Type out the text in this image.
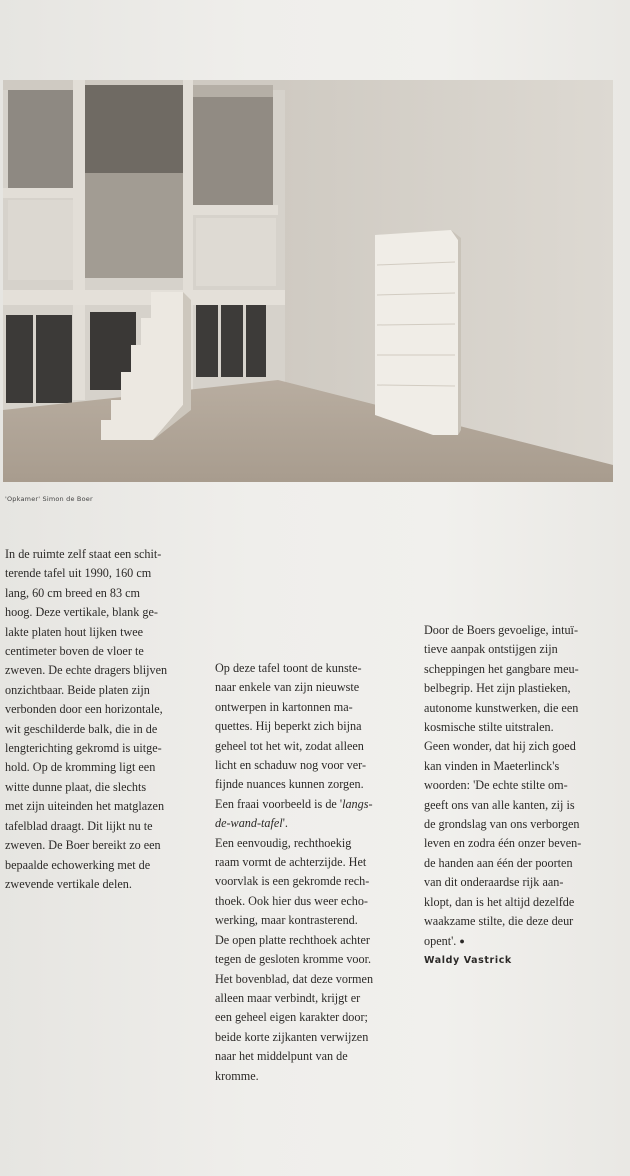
'Opkamer' Simon de Boer

In de ruimte zelf staat een schit-

terende tafel uit 1990, 160 cm

lang, 60 cm breed en 83 cm

hoog. Deze vertikale, blank ge-

lakte platen hout lijken twee

centimeter boven de vloer te

zweven. De echte dragers blijven

onzichtbaar. Beide platen zijn

verbonden door een horizontale,

wit geschilderde balk, die in de

lengterichting gekromd is uitge-

hold. Op de kromming ligt een

witte dunne plaat, die slechts

met zijn uiteinden het matglazen

tafelblad draagt. Dit lijkt nu te

zweven. De Boer bereikt zo een

bepaalde echowerking met de

zwevende vertikale delen.

Op deze tafel toont de kunste-

naar enkele van zijn nieuwste

ontwerpen in kartonnen ma-

quettes. Hij beperkt zich bijna

geheel tot het wit, zodat alleen

licht en schaduw nog voor ver-

fijnde nuances kunnen zorgen.

Een fraai voorbeeld is de 'langs-

de-wand-tafel'.

Een eenvoudig, rechthoekig

raam vormt de achterzijde. Het

voorvlak is een gekromde rech-

thoek. Ook hier dus weer echo-

werking, maar kontrasterend.

De open platte rechthoek achter

tegen de gesloten kromme voor.

Het bovenblad, dat deze vormen

alleen maar verbindt, krijgt er

een geheel eigen karakter door;

beide korte zijkanten verwijzen

naar het middelpunt van de

kromme.

Door de Boers gevoelige, intuï-

tieve aanpak ontstijgen zijn

scheppingen het gangbare meu-

belbegrip. Het zijn plastieken,

autonome kunstwerken, die een

kosmische stilte uitstralen.

Geen wonder, dat hij zich goed

kan vinden in Maeterlinck's

woorden: 'De echte stilte om-

geeft ons van alle kanten, zij is

de grondslag van ons verborgen

leven en zodra één onzer beven-

de handen aan één der poorten

van dit onderaardse rijk aan-

klopt, dan is het altijd dezelfde

waakzame stilte, die deze deur

opent'. ●

Waldy Vastrick
